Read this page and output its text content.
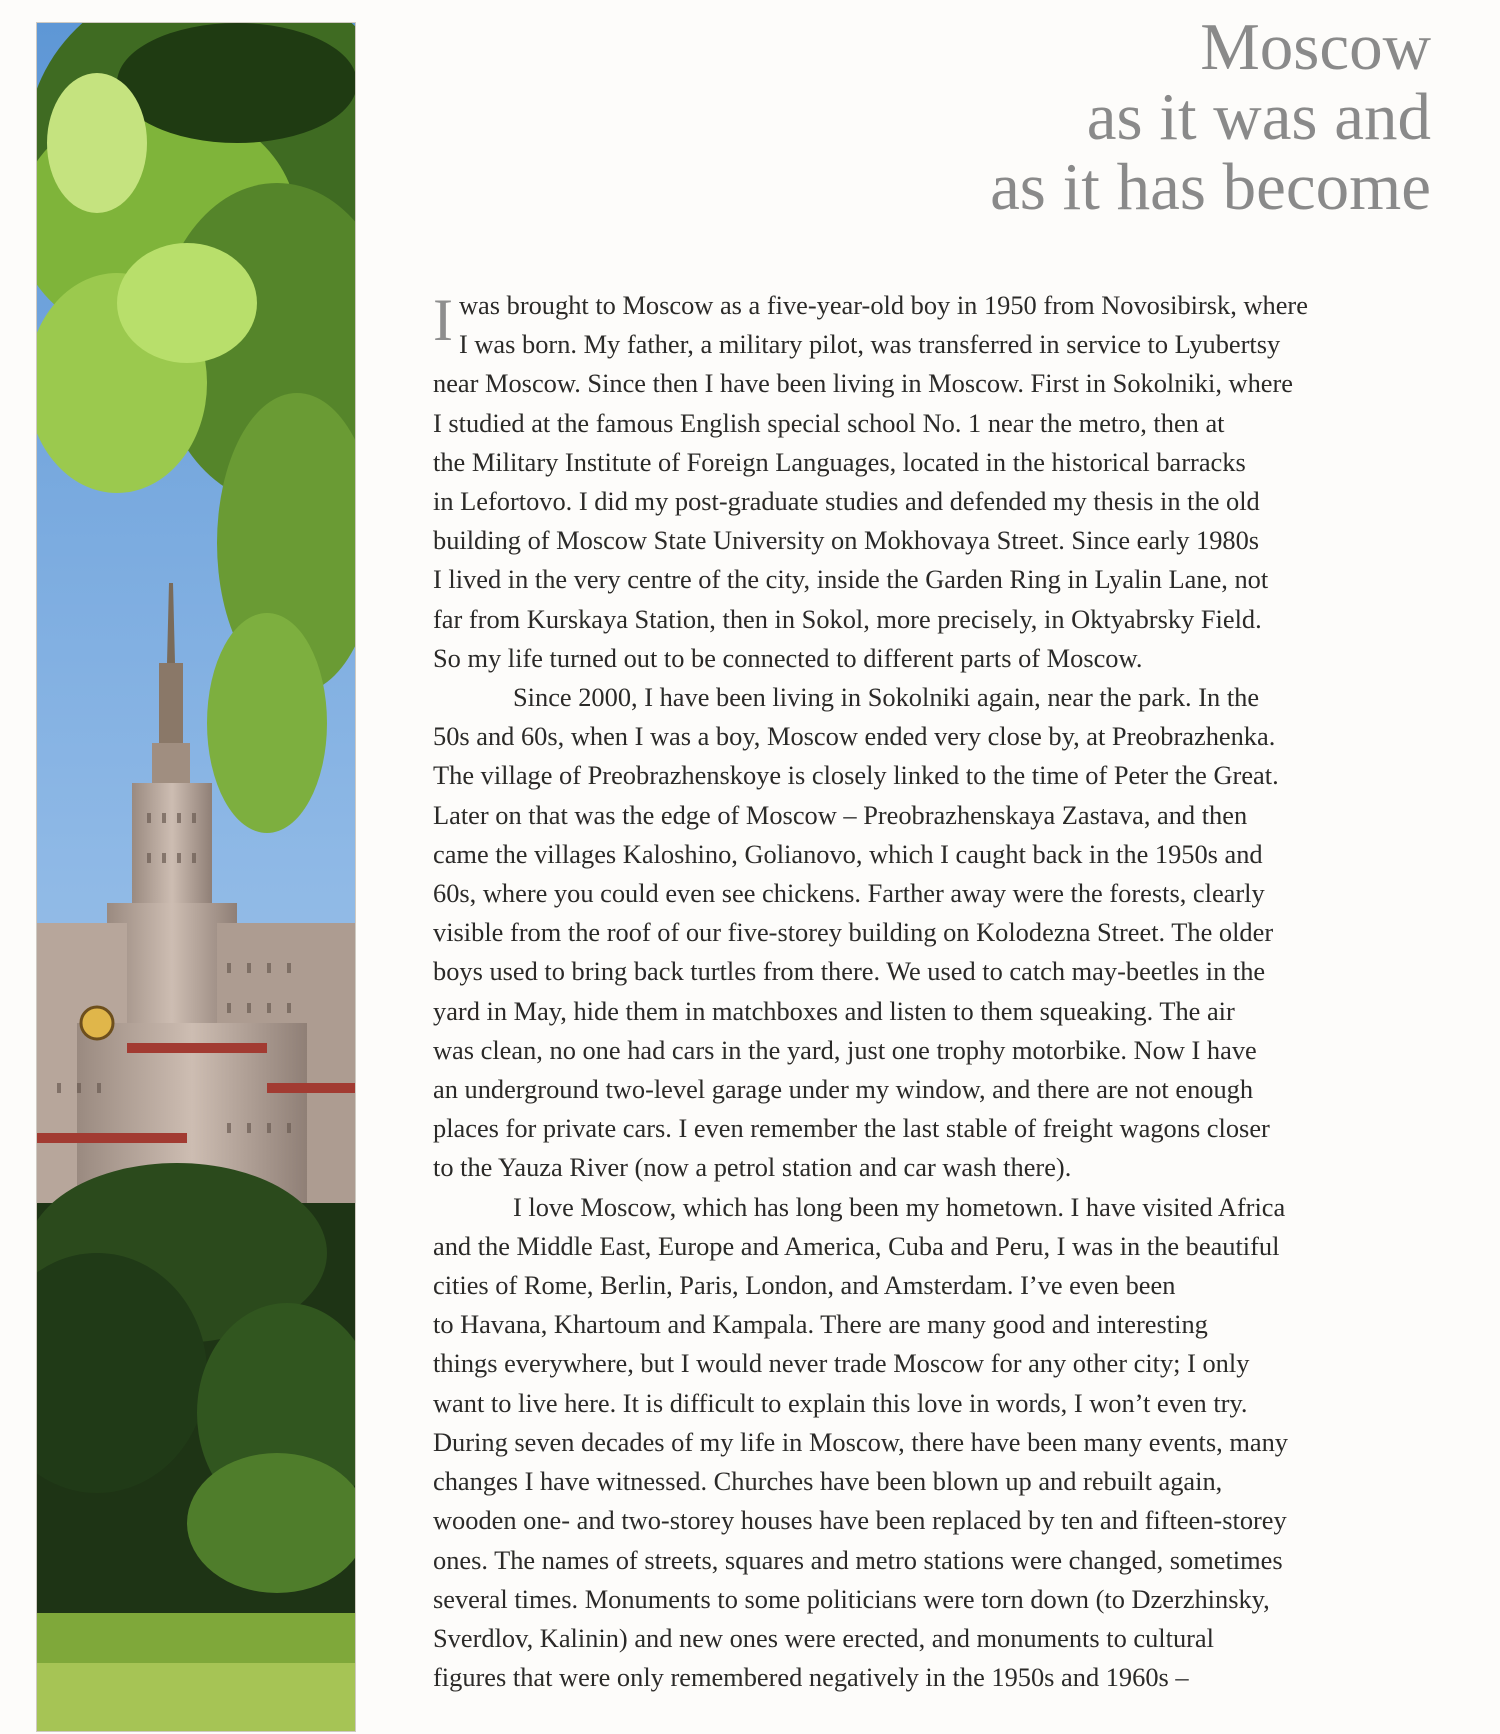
Moscow
as it was and
as it has become
I was brought to Moscow as a five-year-old boy in 1950 from Novosibirsk, where
I was born. My father, a military pilot, was transferred in service to Lyubertsy
near Moscow. Since then I have been living in Moscow. First in Sokolniki, where
I studied at the famous English special school No. 1 near the metro, then at
the Military Institute of Foreign Languages, located in the historical barracks
in Lefortovo. I did my post-graduate studies and defended my thesis in the old
building of Moscow State University on Mokhovaya Street. Since early 1980s
I lived in the very centre of the city, inside the Garden Ring in Lyalin Lane, not
far from Kurskaya Station, then in Sokol, more precisely, in Oktyabrsky Field.
So my life turned out to be connected to different parts of Moscow.
Since 2000, I have been living in Sokolniki again, near the park. In the
50s and 60s, when I was a boy, Moscow ended very close by, at Preobrazhenka.
The village of Preobrazhenskoye is closely linked to the time of Peter the Great.
Later on that was the edge of Moscow – Preobrazhenskaya Zastava, and then
came the villages Kaloshino, Golianovo, which I caught back in the 1950s and
60s, where you could even see chickens. Farther away were the forests, clearly
visible from the roof of our five-storey building on Kolodezna Street. The older
boys used to bring back turtles from there. We used to catch may-beetles in the
yard in May, hide them in matchboxes and listen to them squeaking. The air
was clean, no one had cars in the yard, just one trophy motorbike. Now I have
an underground two-level garage under my window, and there are not enough
places for private cars. I even remember the last stable of freight wagons closer
to the Yauza River (now a petrol station and car wash there).
I love Moscow, which has long been my hometown. I have visited Africa
and the Middle East, Europe and America, Cuba and Peru, I was in the beautiful
cities of Rome, Berlin, Paris, London, and Amsterdam. I’ve even been
to Havana, Khartoum and Kampala. There are many good and interesting
things everywhere, but I would never trade Moscow for any other city; I only
want to live here. It is difficult to explain this love in words, I won’t even try.
During seven decades of my life in Moscow, there have been many events, many
changes I have witnessed. Churches have been blown up and rebuilt again,
wooden one- and two-storey houses have been replaced by ten and fifteen-storey
ones. The names of streets, squares and metro stations were changed, sometimes
several times. Monuments to some politicians were torn down (to Dzerzhinsky,
Sverdlov, Kalinin) and new ones were erected, and monuments to cultural
figures that were only remembered negatively in the 1950s and 1960s –
